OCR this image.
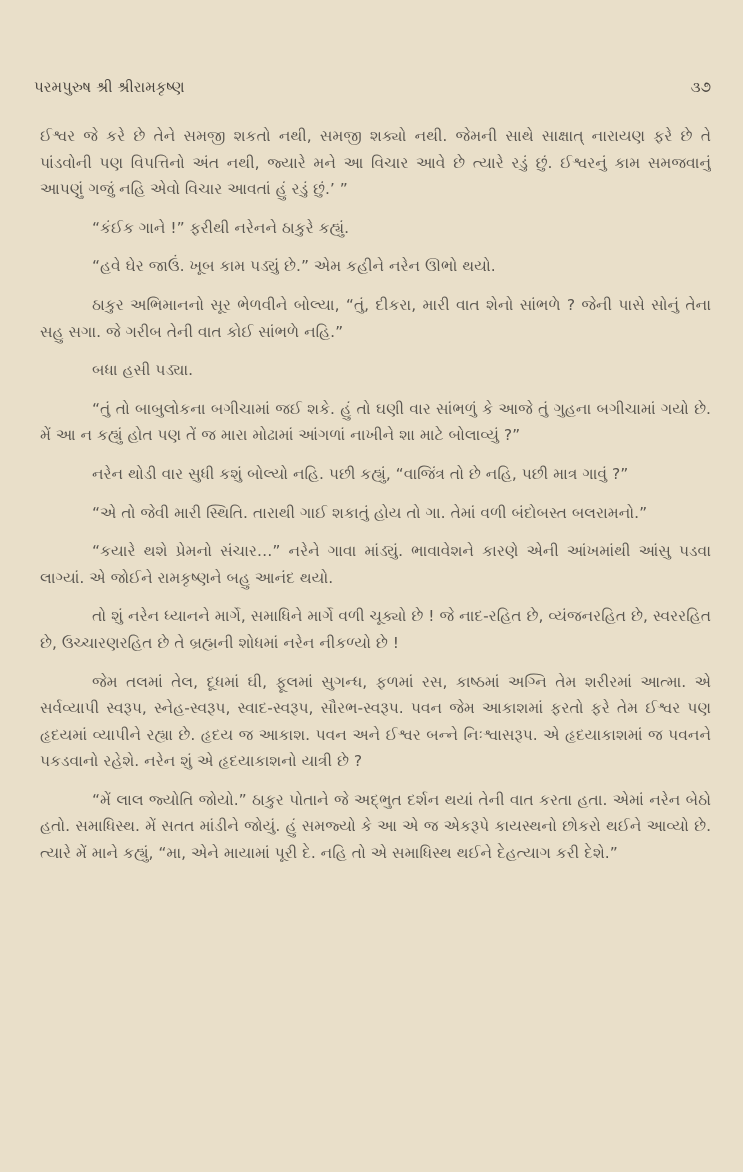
પરમપુરુષ શ્રી શ્રીરામકૃષ્ણ	૩૭

ઈશ્વર જે કરે છે તેને સમજી શકતો નથી, સમજી શક્યો નથી. જેમની સાથે સાક્ષાત્ નારાયણ ફરે છે તે પાંડવોની પણ વિપત્તિનો અંત નથી, જ્યારે મને આ વિચાર આવે છે ત્યારે રડું છું. ઈશ્વરનું કામ સમજવાનું આપણું ગજું નહિ એવો વિચાર આવતાં હું રડું છું.’ ”

“કંઈક ગાને !” ફરીથી નરેનને ઠાકુરે કહ્યું.

“હવે ઘેર જાઉં. ખૂબ કામ પડ્યું છે.” એમ કહીને નરેન ઊભો થયો.

ઠાકુર અભિમાનનો સૂર ભેળવીને બોલ્યા, “તું, દીકરા, મારી વાત શેનો સાંભળે ? જેની પાસે સોનું તેના સહુ સગા. જે ગરીબ તેની વાત કોઈ સાંભળે નહિ.”

બધા હસી પડ્યા.

“તું તો બાબુલોકના બગીચામાં જઈ શકે. હું તો ઘણી વાર સાંભળું કે આજે તું ગુહના બગીચામાં ગયો છે. મેં આ ન કહ્યું હોત પણ તેં જ મારા મોઢામાં આંગળાં નાખીને શા માટે બોલાવ્યું ?”

નરેન થોડી વાર સુધી કશું બોલ્યો નહિ. પછી કહ્યું, “વાજિંત્ર તો છે નહિ, પછી માત્ર ગાવું ?”

“એ તો જેવી મારી સ્થિતિ. તારાથી ગાઈ શકાતું હોય તો ગા. તેમાં વળી બંદોબસ્ત બલરામનો.”

“કયારે થશે પ્રેમનો સંચાર…” નરેને ગાવા માંડ્યું. ભાવાવેશને કારણે એની આંખમાંથી આંસુ પડવા લાગ્યાં. એ જોઈને રામકૃષ્ણને બહુ આનંદ થયો.

તો શું નરેન ધ્યાનને માર્ગે, સમાધિને માર્ગે વળી ચૂક્યો છે ! જે નાદ-રહિત છે, વ્યંજનરહિત છે, સ્વરરહિત છે, ઉચ્ચારણરહિત છે તે બ્રહ્મની શોધમાં નરેન નીકળ્યો છે !

જેમ તલમાં તેલ, દૂધમાં ઘી, ફૂલમાં સુગન્ધ, ફળમાં રસ, કાષ્ઠમાં અગ્નિ તેમ શરીરમાં આત્મા. એ સર્વવ્યાપી સ્વરૂપ, સ્નેહ-સ્વરૂપ, સ્વાદ-સ્વરૂપ, સૌરભ-સ્વરૂપ. પવન જેમ આકાશમાં ફરતો ફરે તેમ ઈશ્વર પણ હૃદયમાં વ્યાપીને રહ્યા છે. હૃદય જ આકાશ. પવન અને ઈશ્વર બન્ને નિઃશ્વાસરૂપ. એ હૃદયાકાશમાં જ પવનને પકડવાનો રહેશે. નરેન શું એ હૃદયાકાશનો યાત્રી છે ?

“મેં લાલ જ્યોતિ જોયો.” ઠાકુર પોતાને જે અદ્ભુત દર્શન થયાં તેની વાત કરતા હતા. એમાં નરેન બેઠો હતો. સમાધિસ્થ. મેં સતત માંડીને જોયું. હું સમજ્યો કે આ એ જ એકરૂપે કાયસ્થનો છોકરો થઈને આવ્યો છે. ત્યારે મેં માને કહ્યું, “મા, એને માયામાં પૂરી દે. નહિ તો એ સમાધિસ્થ થઈને દેહત્યાગ કરી દેશે.”
